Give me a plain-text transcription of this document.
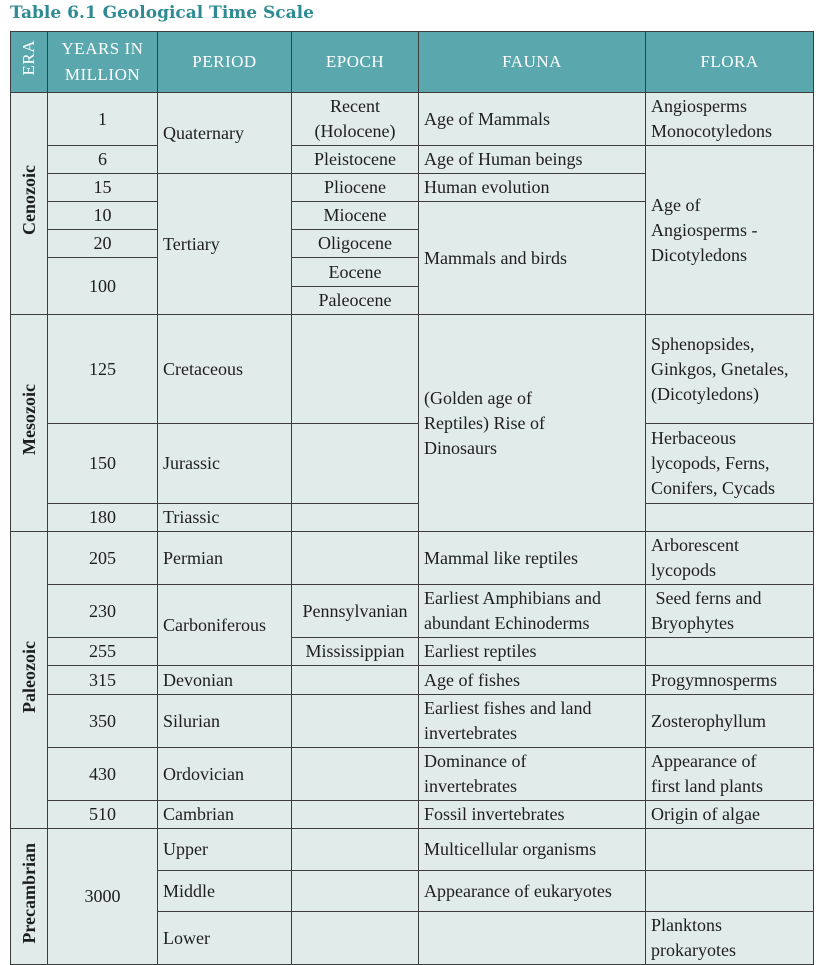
Table 6.1 Geological Time Scale

ERA	YEARS IN
MILLION	PERIOD	EPOCH	FAUNA	FLORA
Cenozoic	1	Quaternary	Recent
(Holocene)	Age of Mammals	Angiosperms
Monocotyledons
	6		Pleistocene	Age of Human beings	Age of
Angiosperms -
Dicotyledons
	15	Tertiary	Pliocene	Human evolution	
	10		Miocene	Mammals and birds	
	20		Oligocene		
	100		Eocene		
			Paleocene		
Mesozoic	125	Cretaceous		(Golden age of
Reptiles) Rise of
Dinosaurs	Sphenopsides,
Ginkgos, Gnetales,
(Dicotyledons)
	150	Jurassic			Herbaceous
lycopods, Ferns,
Conifers, Cycads
	180	Triassic			
Paleozoic	205	Permian		Mammal like reptiles	Arborescent
lycopods
	230	Carboniferous	Pennsylvanian	Earliest Amphibians and
abundant Echinoderms	Seed ferns and
Bryophytes
	255		Mississippian	Earliest reptiles	
	315	Devonian		Age of fishes	Progymnosperms
	350	Silurian		Earliest fishes and land
invertebrates	Zosterophyllum
	430	Ordovician		Dominance of
invertebrates	Appearance of
first land plants
	510	Cambrian		Fossil invertebrates	Origin of algae
Precambrian	3000	Upper		Multicellular organisms	
		Middle		Appearance of eukaryotes	
		Lower			Planktons
prokaryotes
